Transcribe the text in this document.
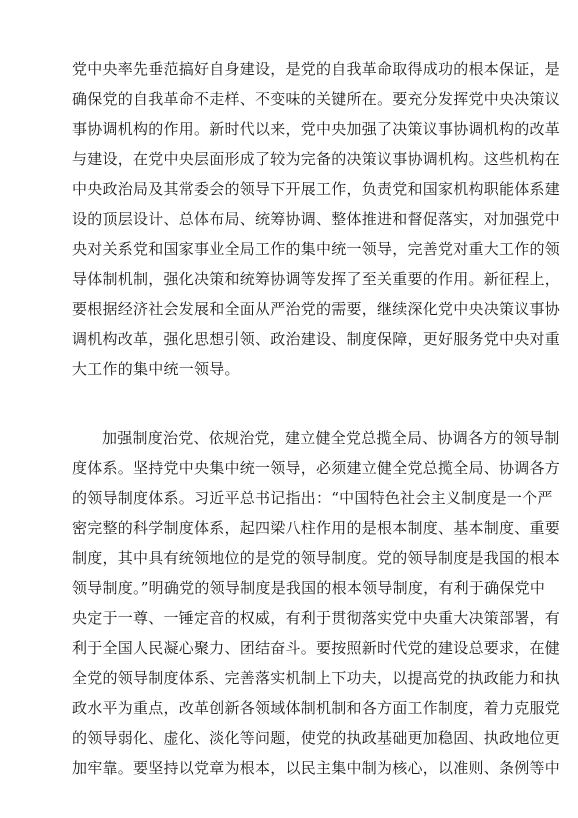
党中央率先垂范搞好自身建设，是党的自我革命取得成功的根本保证，是
确保党的自我革命不走样、不变味的关键所在。要充分发挥党中央决策议
事协调机构的作用。新时代以来，党中央加强了决策议事协调机构的改革
与建设，在党中央层面形成了较为完备的决策议事协调机构。这些机构在
中央政治局及其常委会的领导下开展工作，负责党和国家机构职能体系建
设的顶层设计、总体布局、统筹协调、整体推进和督促落实，对加强党中
央对关系党和国家事业全局工作的集中统一领导，完善党对重大工作的领
导体制机制，强化决策和统筹协调等发挥了至关重要的作用。新征程上，
要根据经济社会发展和全面从严治党的需要，继续深化党中央决策议事协
调机构改革，强化思想引领、政治建设、制度保障，更好服务党中央对重
大工作的集中统一领导。
加强制度治党、依规治党，建立健全党总揽全局、协调各方的领导制
度体系。坚持党中央集中统一领导，必须建立健全党总揽全局、协调各方
的领导制度体系。习近平总书记指出：“中国特色社会主义制度是一个严
密完整的科学制度体系，起四梁八柱作用的是根本制度、基本制度、重要
制度，其中具有统领地位的是党的领导制度。党的领导制度是我国的根本
领导制度。”明确党的领导制度是我国的根本领导制度，有利于确保党中
央定于一尊、一锤定音的权威，有利于贯彻落实党中央重大决策部署，有
利于全国人民凝心聚力、团结奋斗。要按照新时代党的建设总要求，在健
全党的领导制度体系、完善落实机制上下功夫，以提高党的执政能力和执
政水平为重点，改革创新各领域体制机制和各方面工作制度，着力克服党
的领导弱化、虚化、淡化等问题，使党的执政基础更加稳固、执政地位更
加牢靠。要坚持以党章为根本，以民主集中制为核心，以准则、条例等中
